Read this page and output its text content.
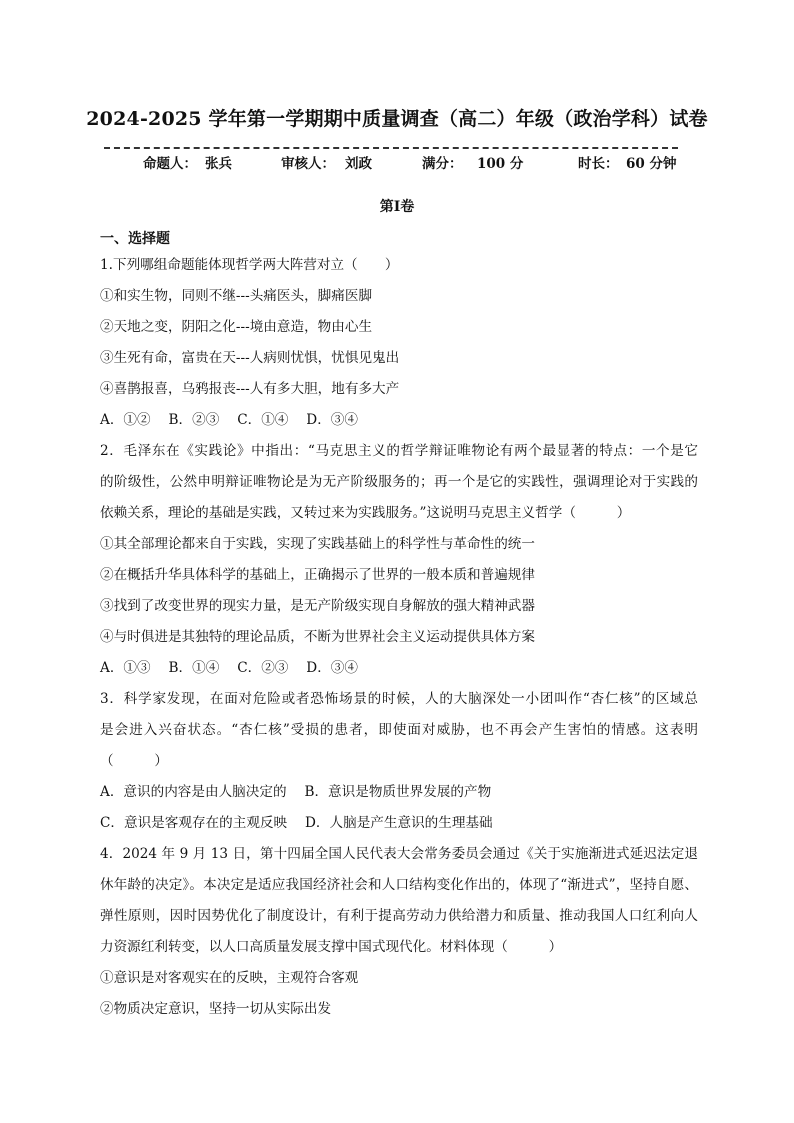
2024-2025 学年第一学期期中质量调查（高二）年级（政治学科）试卷
命题人： 张兵	审核人： 刘政	满分： 100 分	时长： 60 分钟
第Ⅰ卷
一、选择题
1.下列哪组命题能体现哲学两大阵营对立（　　）
①和实生物，同则不继---头痛医头，脚痛医脚
②天地之变，阴阳之化---境由意造，物由心生
③生死有命，富贵在天---人病则忧惧，忧惧见鬼出
④喜鹊报喜，乌鸦报丧---人有多大胆，地有多大产
A．①②　 B．②③　 C．①④　 D．③④
2．毛泽东在《实践论》中指出：“马克思主义的哲学辩证唯物论有两个最显著的特点：一个是它
的阶级性，公然申明辩证唯物论是为无产阶级服务的；再一个是它的实践性，强调理论对于实践的
依赖关系，理论的基础是实践，又转过来为实践服务。”这说明马克思主义哲学（　　　）
①其全部理论都来自于实践，实现了实践基础上的科学性与革命性的统一
②在概括升华具体科学的基础上，正确揭示了世界的一般本质和普遍规律
③找到了改变世界的现实力量，是无产阶级实现自身解放的强大精神武器
④与时俱进是其独特的理论品质，不断为世界社会主义运动提供具体方案
A．①③　 B．①④　 C．②③　 D．③④
3．科学家发现，在面对危险或者恐怖场景的时候，人的大脑深处一小团叫作“杏仁核”的区域总
是会进入兴奋状态。“杏仁核”受损的患者，即使面对威胁，也不再会产生害怕的情感。这表明
（　　　）
A．意识的内容是由人脑决定的　 B．意识是物质世界发展的产物
C．意识是客观存在的主观反映　 D．人脑是产生意识的生理基础
4．2024 年 9 月 13 日，第十四届全国人民代表大会常务委员会通过《关于实施渐进式延迟法定退
休年龄的决定》。本决定是适应我国经济社会和人口结构变化作出的，体现了“渐进式”，坚持自愿、
弹性原则，因时因势优化了制度设计，有利于提高劳动力供给潜力和质量、推动我国人口红利向人
力资源红利转变，以人口高质量发展支撑中国式现代化。材料体现（　　　）
①意识是对客观实在的反映，主观符合客观
②物质决定意识，坚持一切从实际出发
